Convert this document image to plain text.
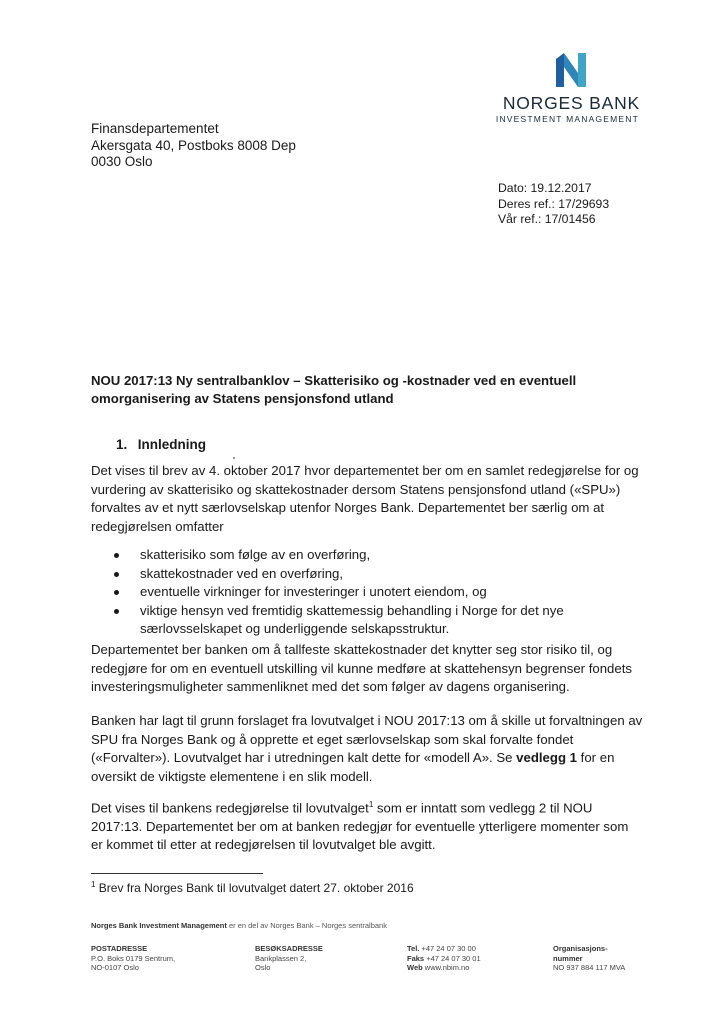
NORGES BANK
INVESTMENT MANAGEMENT
Finansdepartementet
Akersgata 40, Postboks 8008 Dep
0030 Oslo
Dato: 19.12.2017
Deres ref.: 17/29693
Vår ref.: 17/01456
NOU 2017:13 Ny sentralbanklov – Skatterisiko og -kostnader ved en eventuell omorganisering av Statens pensjonsfond utland
1. Innledning
Det vises til brev av 4. oktober 2017 hvor departementet ber om en samlet redegjørelse for og vurdering av skatterisiko og skattekostnader dersom Statens pensjonsfond utland («SPU») forvaltes av et nytt særlovselskap utenfor Norges Bank. Departementet ber særlig om at redegjørelsen omfatter
skatterisiko som følge av en overføring,
skattekostnader ved en overføring,
eventuelle virkninger for investeringer i unotert eiendom, og
viktige hensyn ved fremtidig skattemessig behandling i Norge for det nye særlovsselskapet og underliggende selskapsstruktur.
Departementet ber banken om å tallfeste skattekostnader det knytter seg stor risiko til, og redegjøre for om en eventuell utskilling vil kunne medføre at skattehensyn begrenser fondets investeringsmuligheter sammenliknet med det som følger av dagens organisering.
Banken har lagt til grunn forslaget fra lovutvalget i NOU 2017:13 om å skille ut forvaltningen av SPU fra Norges Bank og å opprette et eget særlovselskap som skal forvalte fondet («Forvalter»). Lovutvalget har i utredningen kalt dette for «modell A». Se vedlegg 1 for en oversikt de viktigste elementene i en slik modell.
Det vises til bankens redegjørelse til lovutvalget$^1$ som er inntatt som vedlegg 2 til NOU 2017:13. Departementet ber om at banken redegjør for eventuelle ytterligere momenter som er kommet til etter at redegjørelsen til lovutvalget ble avgitt.
$^1$ Brev fra Norges Bank til lovutvalget datert 27. oktober 2016
Norges Bank Investment Management er en del av Norges Bank – Norges sentralbank
POSTADRESSE
P.O. Boks 0179 Sentrum,
NO-0107 Oslo
BESØKSADRESSE
Bankplassen 2,
Oslo
Tel. +47 24 07 30 00
Faks +47 24 07 30 01
Web www.nbim.no
Organisasjons-
nummer
NO 937 884 117 MVA
